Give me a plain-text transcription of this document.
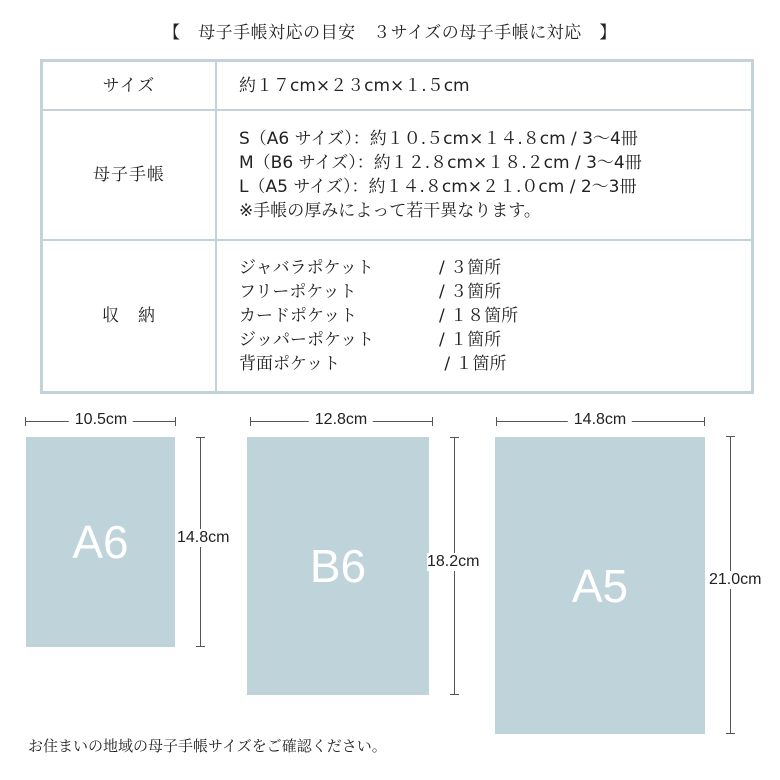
【　母子手帳対応の目安　３サイズの母子手帳に対応　】
サイズ	約１７cm×２３cm×１.５cm

母子手帳	S（A6 サイズ）：約１０.５cm×１４.８cm / 3～4冊
M（B6 サイズ）：約１２.８cm×１８.２cm / 3～4冊
L（A5 サイズ）：約１４.８cm×２１.０cm / 2～3冊
※手帳の厚みによって若干異なります。

収　納	
ジャバラポケット	/ ３箇所
フリーポケット	/ ３箇所
カードポケット	/ １８箇所
ジッパーポケット	/ １箇所
背面ポケット	/ １箇所
10.5cm
A6	14.8cm
12.8cm
B6	18.2cm
14.8cm
A5	21.0cm
お住まいの地域の母子手帳サイズをご確認ください。
